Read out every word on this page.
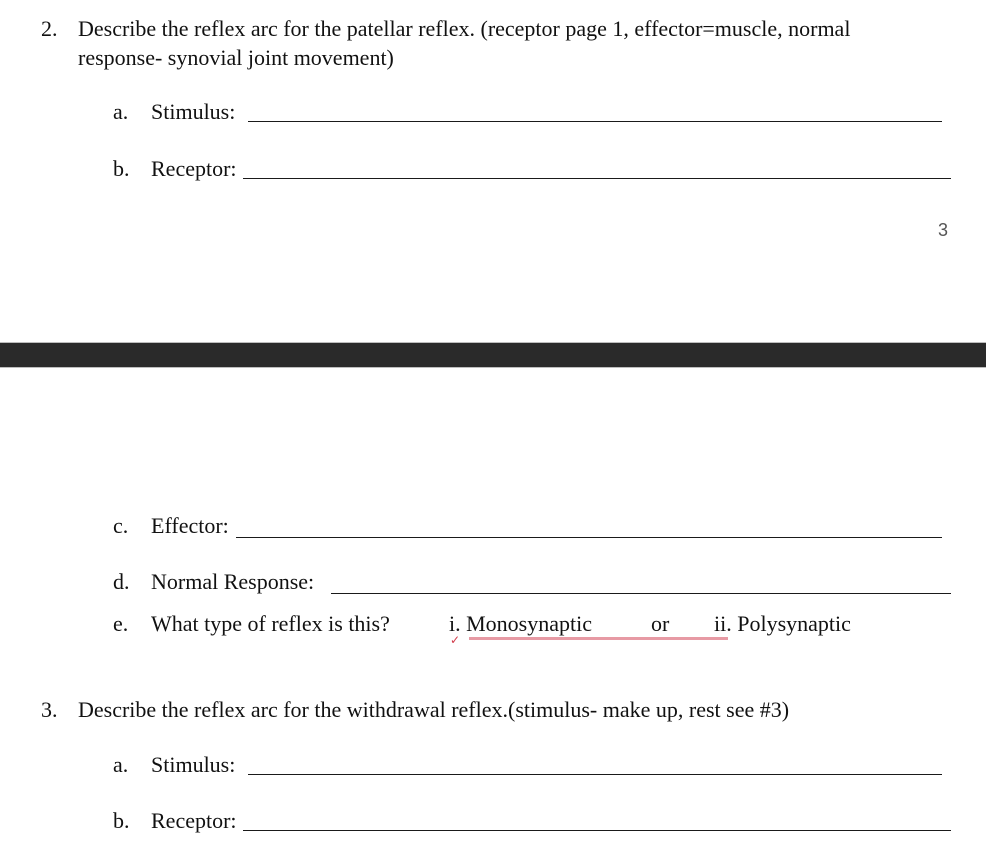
2. Describe the reflex arc for the patellar reflex. (receptor page 1, effector=muscle, normal
response- synovial joint movement)
a. Stimulus:
b. Receptor:
3
c. Effector:
d. Normal Response:
e. What type of reflex is this?	i. Monosynaptic	or ii. Polysynaptic
✓
3. Describe the reflex arc for the withdrawal reflex.(stimulus- make up, rest see #3)
a. Stimulus:
b. Receptor:
